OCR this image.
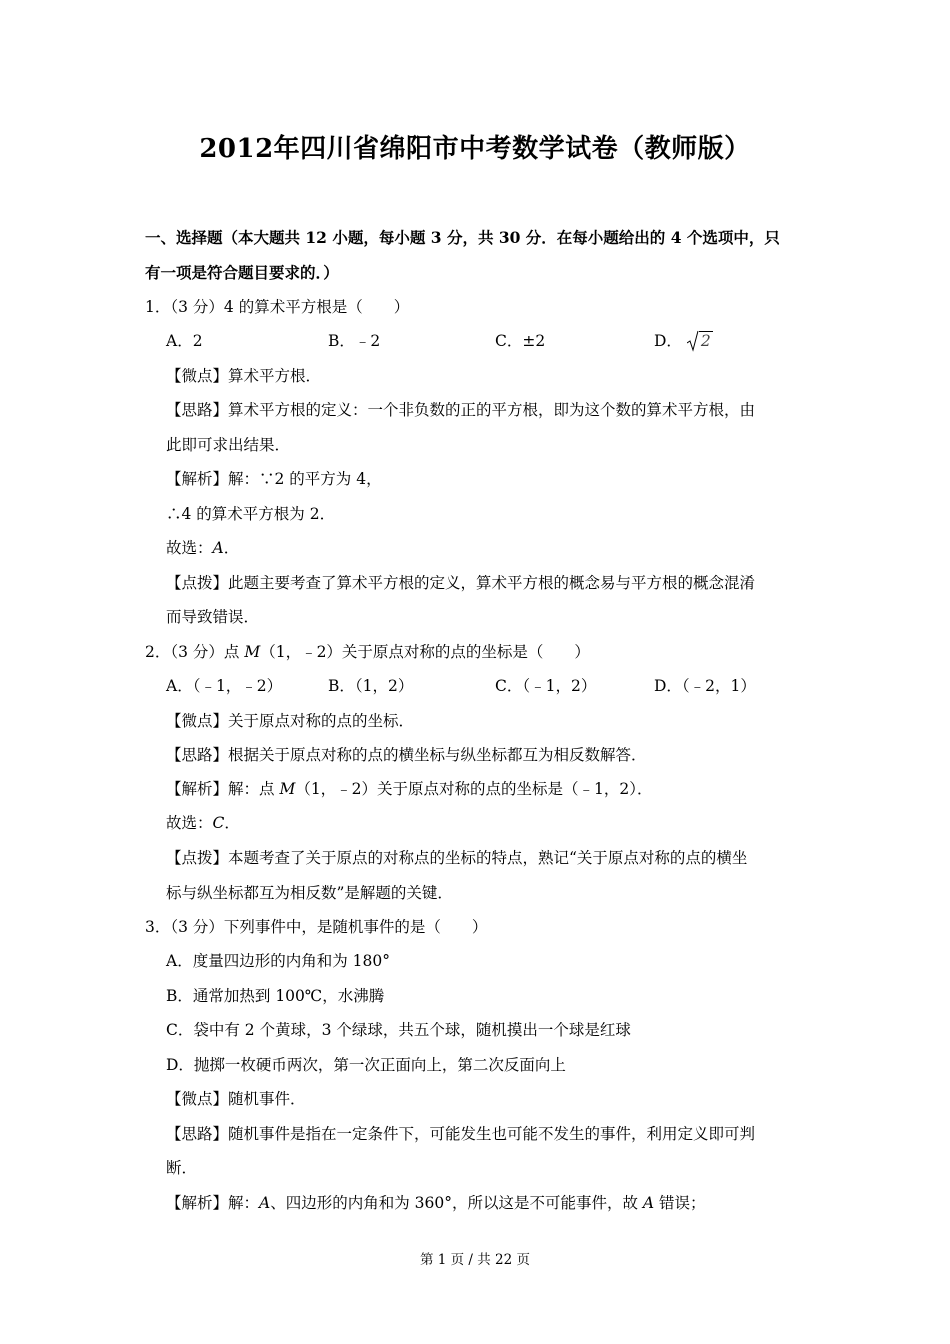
2012年四川省绵阳市中考数学试卷（教师版）
一、选择题（本大题共 12 小题，每小题 3 分，共 30 分．在每小题给出的 4 个选项中，只
有一项是符合题目要求的．）
1．（3 分）4 的算术平方根是（　　）
A．2	B．﹣2	C．±2	D． 2
【微点】算术平方根．
【思路】算术平方根的定义：一个非负数的正的平方根，即为这个数的算术平方根，由
此即可求出结果．
【解析】解：∵2 的平方为 4，
∴4 的算术平方根为 2．
故选：A．
【点拨】此题主要考查了算术平方根的定义，算术平方根的概念易与平方根的概念混淆
而导致错误．
2．（3 分）点 M（1，﹣2）关于原点对称的点的坐标是（　　）
A．（﹣1，﹣2）	B．（1，2）	C．（﹣1，2）	D．（﹣2，1）
【微点】关于原点对称的点的坐标．
【思路】根据关于原点对称的点的横坐标与纵坐标都互为相反数解答．
【解析】解：点 M（1，﹣2）关于原点对称的点的坐标是（﹣1，2）．
故选：C．
【点拨】本题考查了关于原点的对称点的坐标的特点，熟记“关于原点对称的点的横坐
标与纵坐标都互为相反数”是解题的关键．
3．（3 分）下列事件中，是随机事件的是（　　）
A．度量四边形的内角和为 180°
B．通常加热到 100℃，水沸腾
C．袋中有 2 个黄球，3 个绿球，共五个球，随机摸出一个球是红球
D．抛掷一枚硬币两次，第一次正面向上，第二次反面向上
【微点】随机事件．
【思路】随机事件是指在一定条件下，可能发生也可能不发生的事件，利用定义即可判
断．
【解析】解：A、四边形的内角和为 360°，所以这是不可能事件，故 A 错误；
第 1 页 / 共 22 页
